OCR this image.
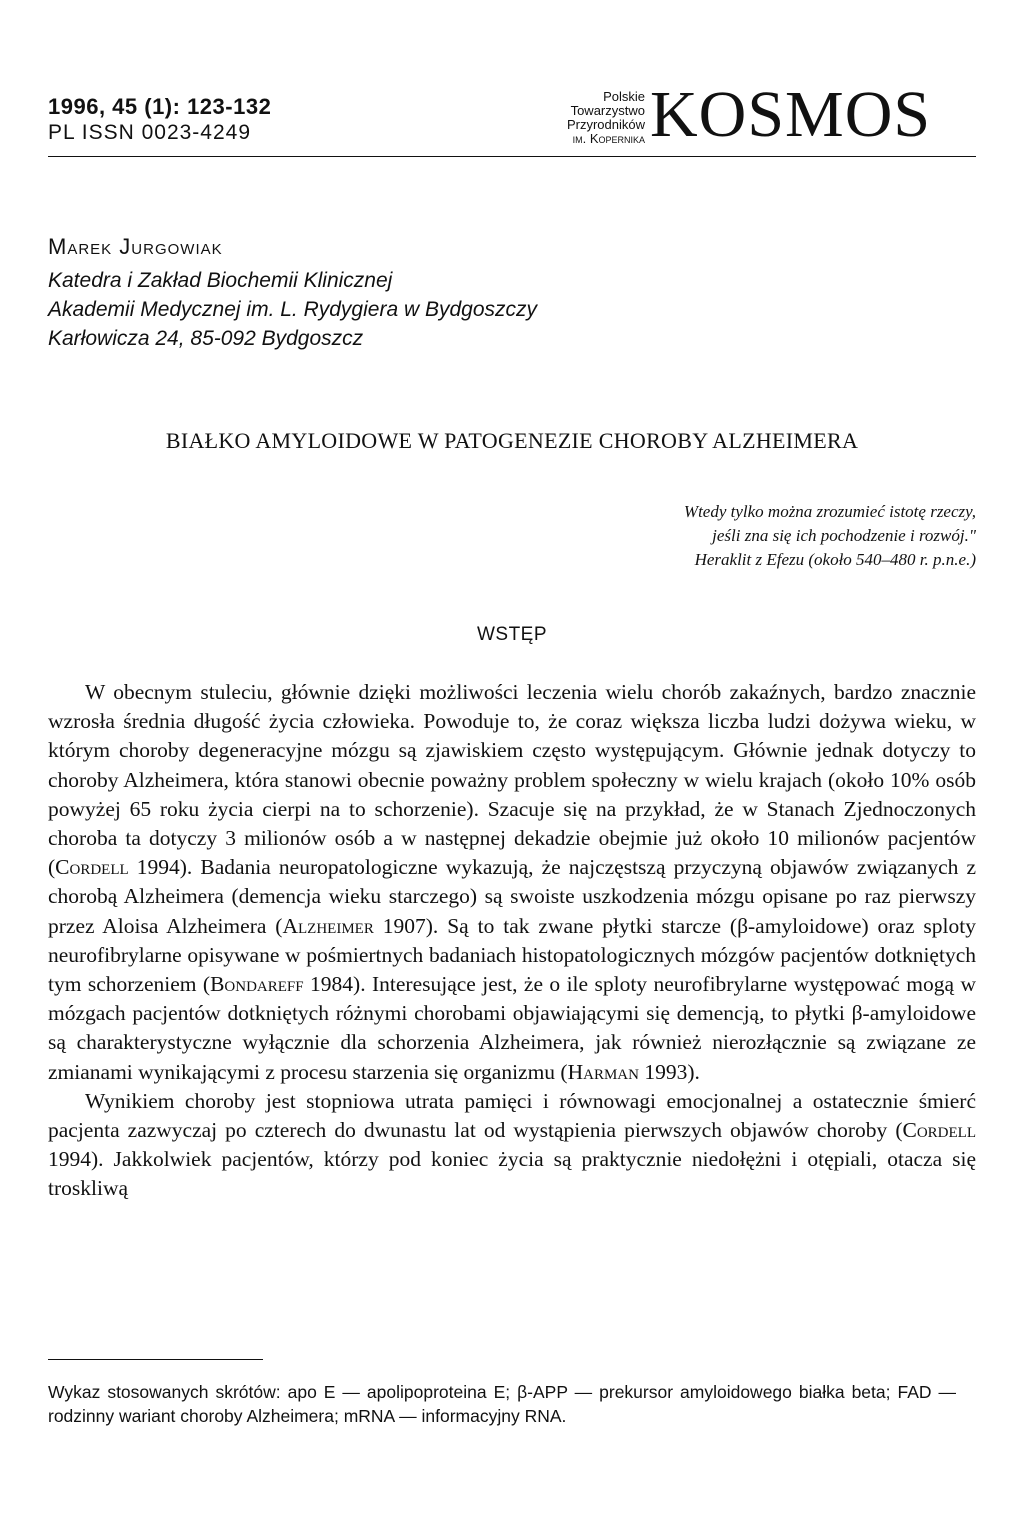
1996, 45 (1): 123-132
PL ISSN 0023-4249
Polskie
Towarzystwo
Przyrodników
im. Kopernika KOSMOS
Marek Jurgowiak
Katedra i Zakład Biochemii Klinicznej
Akademii Medycznej im. L. Rydygiera w Bydgoszczy
Karłowicza 24, 85-092 Bydgoszcz
BIAŁKO AMYLOIDOWE W PATOGENEZIE CHOROBY ALZHEIMERA
Wtedy tylko można zrozumieć istotę rzeczy,
jeśli zna się ich pochodzenie i rozwój."
Heraklit z Efezu (około 540–480 r. p.n.e.)
WSTĘP

W obecnym stuleciu, głównie dzięki możliwości leczenia wielu chorób zakaźnych, bardzo znacznie wzrosła średnia długość życia człowieka. Powoduje to, że coraz większa liczba ludzi dożywa wieku, w którym choroby degeneracyjne mózgu są zjawiskiem często występującym. Głównie jednak dotyczy to choroby Alzheimera, która stanowi obecnie poważny problem społeczny w wielu krajach (około 10% osób powyżej 65 roku życia cierpi na to schorzenie). Szacuje się na przykład, że w Stanach Zjednoczonych choroba ta dotyczy 3 milionów osób a w następnej dekadzie obejmie już około 10 milionów pacjentów (Cordell 1994). Badania neuropatologiczne wykazują, że najczęstszą przyczyną objawów związanych z chorobą Alzheimera (demencja wieku starczego) są swoiste uszkodzenia mózgu opisane po raz pierwszy przez Aloisa Alzheimera (Alzheimer 1907). Są to tak zwane płytki starcze (β-amyloidowe) oraz sploty neurofibrylarne opisywane w pośmiertnych badaniach histopatologicznych mózgów pacjentów dotkniętych tym schorzeniem (Bondareff 1984). Interesujące jest, że o ile sploty neurofibrylarne występować mogą w mózgach pacjentów dotkniętych różnymi chorobami objawiającymi się demencją, to płytki β-amyloidowe są charakterystyczne wyłącznie dla schorzenia Alzheimera, jak również nierozłącznie są związane ze zmianami wynikającymi z procesu starzenia się organizmu (Harman 1993).

Wynikiem choroby jest stopniowa utrata pamięci i równowagi emocjonalnej a ostatecznie śmierć pacjenta zazwyczaj po czterech do dwunastu lat od wystąpienia pierwszych objawów choroby (Cordell 1994). Jakkolwiek pacjentów, którzy pod koniec życia są praktycznie niedołężni i otępiali, otacza się troskliwą

Wykaz stosowanych skrótów: apo E — apolipoproteina E; β-APP — prekursor amyloidowego białka beta; FAD — rodzinny wariant choroby Alzheimera; mRNA — informacyjny RNA.
